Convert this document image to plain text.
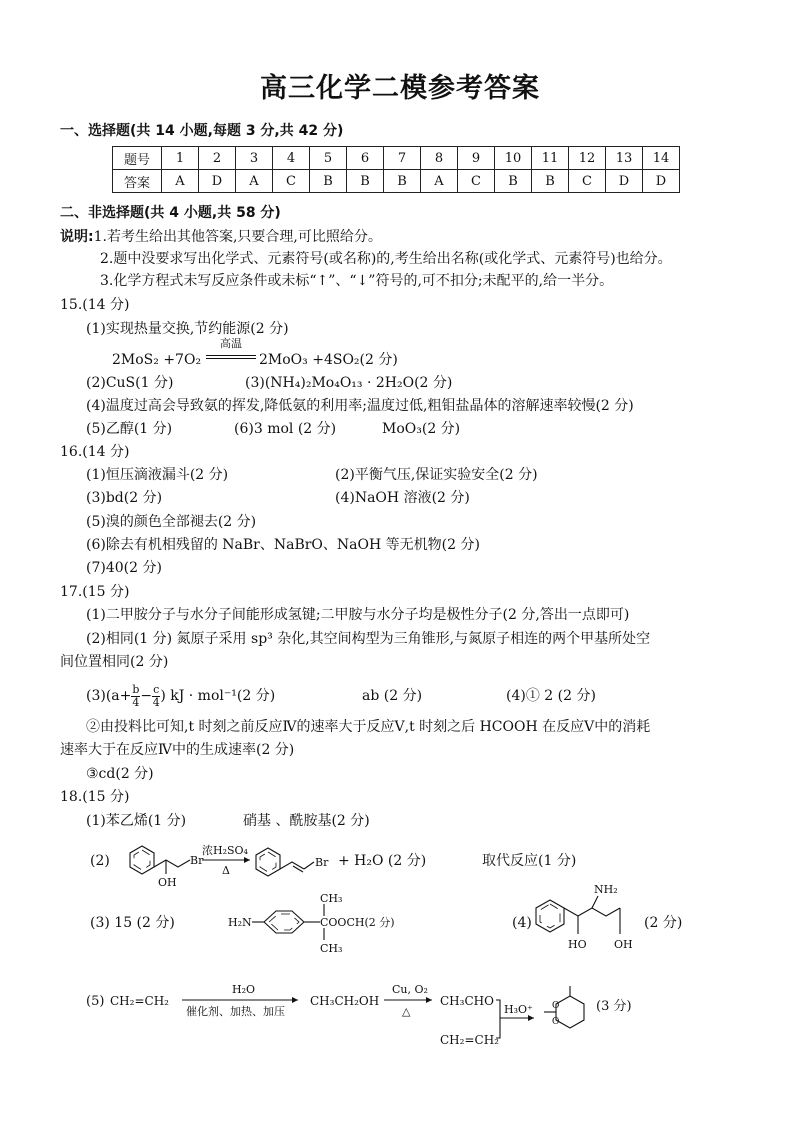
高三化学二模参考答案
一、选择题(共 14 小题,每题 3 分,共 42 分)
题号	1	2	3	4	5	6	7	8	9	10	11	12	13	14
答案	A	D	A	C	B	B	B	A	C	B	B	C	D	D
二、非选择题(共 4 小题,共 58 分)
说明:1.若考生给出其他答案,只要合理,可比照给分。
2.题中没要求写出化学式、元素符号(或名称)的,考生给出名称(或化学式、元素符号)也给分。
3.化学方程式未写反应条件或未标“↑”、“↓”符号的,可不扣分;未配平的,给一半分。
15.(14 分)
(1)实现热量交换,节约能源(2 分)
2MoS₂ +7O₂
高温
2MoO₃ +4SO₂(2 分)
(2)CuS(1 分)	(3)(NH₄)₂Mo₄O₁₃ · 2H₂O(2 分)
(4)温度过高会导致氨的挥发,降低氨的利用率;温度过低,粗钼盐晶体的溶解速率较慢(2 分)
(5)乙醇(1 分)	(6)3 mol (2 分)	MoO₃(2 分)
16.(14 分)
(1)恒压滴液漏斗(2 分)	(2)平衡气压,保证实验安全(2 分)
(3)bd(2 分)	(4)NaOH 溶液(2 分)
(5)溴的颜色全部褪去(2 分)
(6)除去有机相残留的 NaBr、NaBrO、NaOH 等无机物(2 分)
(7)40(2 分)
17.(15 分)
(1)二甲胺分子与水分子间能形成氢键;二甲胺与水分子均是极性分子(2 分,答出一点即可)
(2)相同(1 分) 氮原子采用 sp³ 杂化,其空间构型为三角锥形,与氮原子相连的两个甲基所处空
间位置相同(2 分)
$(3)(a+ \frac{b}{4} - \frac{c}{4}$ ) kJ · mol⁻¹(2 分)	ab (2 分)	(4)① 2 (2 分)
②由投料比可知,t 时刻之前反应Ⅳ的速率大于反应Ⅴ,t 时刻之后 HCOOH 在反应Ⅴ中的消耗
速率大于在反应Ⅳ中的生成速率(2 分)
③cd(2 分)
18.(15 分)
(1)苯乙烯(1 分)	硝基 、酰胺基(2 分)
(2)
OH
Br
浓H₂SO₄
Δ
Br + H₂O (2 分)	取代反应(1 分)
(3) 15 (2 分)	H₂N
CH₃
COOCH(2 分)
CH₃
(4)
NH₂
HO OH
(2 分)
(5) CH₂=CH₂
H₂O
催化剂、加热、加压
CH₃CH₂OH
Cu, O₂
△
CH₃CHO
CH₂=CH₂
H₃O⁺ O
O
(3 分)
